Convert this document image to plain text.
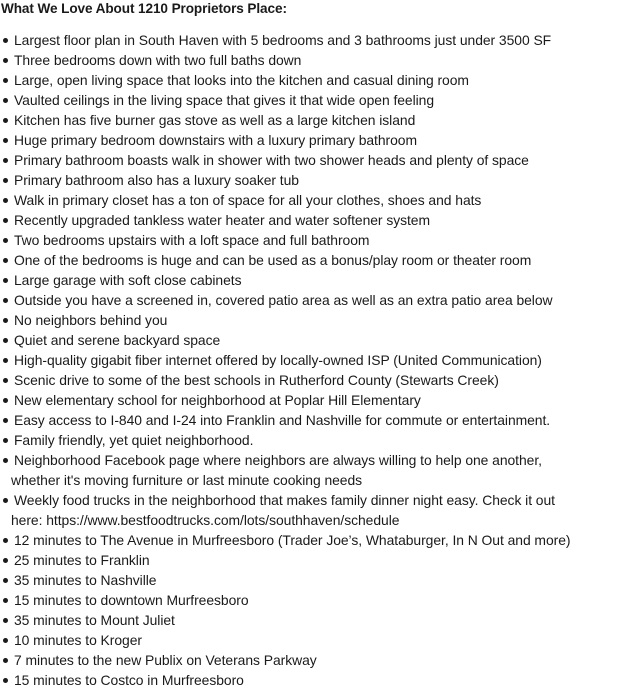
What We Love About 1210 Proprietors Place:
Largest floor plan in South Haven with 5 bedrooms and 3 bathrooms just under 3500 SF
Three bedrooms down with two full baths down
Large, open living space that looks into the kitchen and casual dining room
Vaulted ceilings in the living space that gives it that wide open feeling
Kitchen has five burner gas stove as well as a large kitchen island
Huge primary bedroom downstairs with a luxury primary bathroom
Primary bathroom boasts walk in shower with two shower heads and plenty of space
Primary bathroom also has a luxury soaker tub
Walk in primary closet has a ton of space for all your clothes, shoes and hats
Recently upgraded tankless water heater and water softener system
Two bedrooms upstairs with a loft space and full bathroom
One of the bedrooms is huge and can be used as a bonus/play room or theater room
Large garage with soft close cabinets
Outside you have a screened in, covered patio area as well as an extra patio area below
No neighbors behind you
Quiet and serene backyard space
High-quality gigabit fiber internet offered by locally-owned ISP (United Communication)
Scenic drive to some of the best schools in Rutherford County (Stewarts Creek)
New elementary school for neighborhood at Poplar Hill Elementary
Easy access to I-840 and I-24 into Franklin and Nashville for commute or entertainment.
Family friendly, yet quiet neighborhood.
Neighborhood Facebook page where neighbors are always willing to help one another,
whether it's moving furniture or last minute cooking needs
Weekly food trucks in the neighborhood that makes family dinner night easy. Check it out
here: https://www.bestfoodtrucks.com/lots/southhaven/schedule
12 minutes to The Avenue in Murfreesboro (Trader Joe’s, Whataburger, In N Out and more)
25 minutes to Franklin
35 minutes to Nashville
15 minutes to downtown Murfreesboro
35 minutes to Mount Juliet
10 minutes to Kroger
7 minutes to the new Publix on Veterans Parkway
15 minutes to Costco in Murfreesboro
